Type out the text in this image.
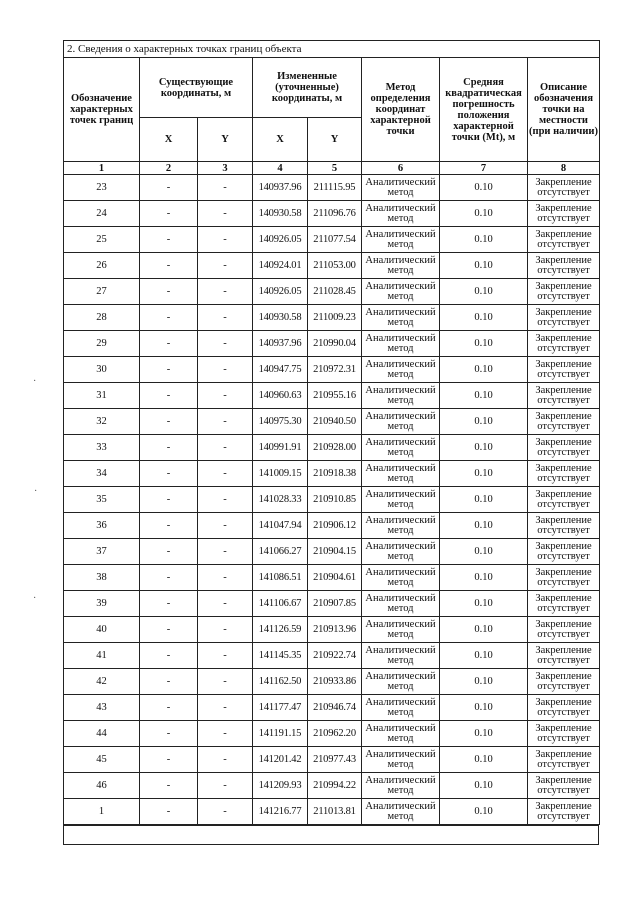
2. Сведения о характерных точках границ объекта							
Обозначение характерных точек границ	Существующие координаты, м		Измененные (уточненные) координаты, м		Метод определения координат характерной точки	Средняя квадратическая погрешность положения характерной точки (Mt), м	Описание обозначения точки на местности (при наличии)
	X	Y	X	Y			
1	2	3	4	5	6	7	8
23	-	-	140937.96	211115.95	Аналитический метод	0.10	Закрепление отсутствует
24	-	-	140930.58	211096.76	Аналитический метод	0.10	Закрепление отсутствует
25	-	-	140926.05	211077.54	Аналитический метод	0.10	Закрепление отсутствует
26	-	-	140924.01	211053.00	Аналитический метод	0.10	Закрепление отсутствует
27	-	-	140926.05	211028.45	Аналитический метод	0.10	Закрепление отсутствует
28	-	-	140930.58	211009.23	Аналитический метод	0.10	Закрепление отсутствует
29	-	-	140937.96	210990.04	Аналитический метод	0.10	Закрепление отсутствует
30	-	-	140947.75	210972.31	Аналитический метод	0.10	Закрепление отсутствует
31	-	-	140960.63	210955.16	Аналитический метод	0.10	Закрепление отсутствует
32	-	-	140975.30	210940.50	Аналитический метод	0.10	Закрепление отсутствует
33	-	-	140991.91	210928.00	Аналитический метод	0.10	Закрепление отсутствует
34	-	-	141009.15	210918.38	Аналитический метод	0.10	Закрепление отсутствует
35	-	-	141028.33	210910.85	Аналитический метод	0.10	Закрепление отсутствует
36	-	-	141047.94	210906.12	Аналитический метод	0.10	Закрепление отсутствует
37	-	-	141066.27	210904.15	Аналитический метод	0.10	Закрепление отсутствует
38	-	-	141086.51	210904.61	Аналитический метод	0.10	Закрепление отсутствует
39	-	-	141106.67	210907.85	Аналитический метод	0.10	Закрепление отсутствует
40	-	-	141126.59	210913.96	Аналитический метод	0.10	Закрепление отсутствует
41	-	-	141145.35	210922.74	Аналитический метод	0.10	Закрепление отсутствует
42	-	-	141162.50	210933.86	Аналитический метод	0.10	Закрепление отсутствует
43	-	-	141177.47	210946.74	Аналитический метод	0.10	Закрепление отсутствует
44	-	-	141191.15	210962.20	Аналитический метод	0.10	Закрепление отсутствует
45	-	-	141201.42	210977.43	Аналитический метод	0.10	Закрепление отсутствует
46	-	-	141209.93	210994.22	Аналитический метод	0.10	Закрепление отсутствует
1	-	-	141216.77	211013.81	Аналитический метод	0.10	Закрепление отсутствует
·
·
·
